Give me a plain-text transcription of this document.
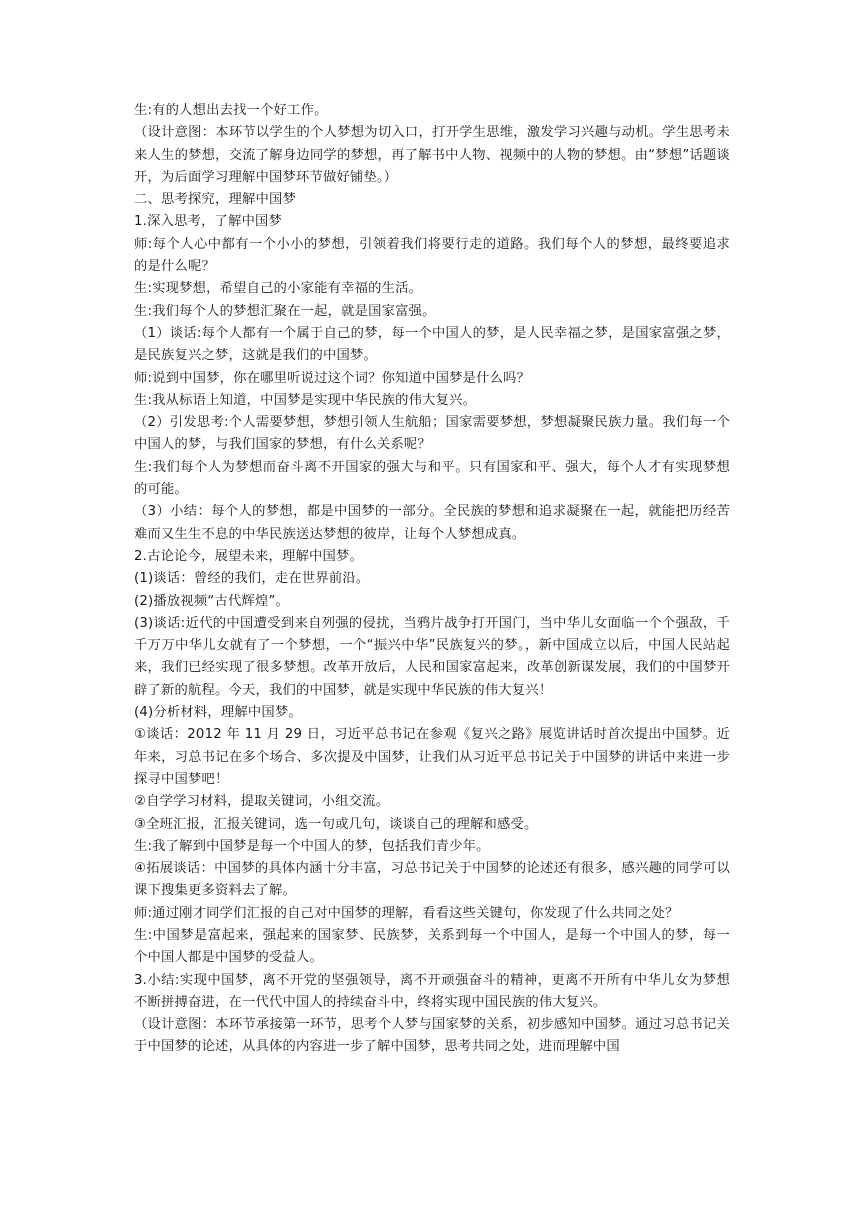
生:有的人想出去找一个好工作。

（设计意图：本环节以学生的个人梦想为切入口，打开学生思维，激发学习兴趣与动机。学生思考未来人生的梦想，交流了解身边同学的梦想，再了解书中人物、视频中的人物的梦想。由“梦想”话题谈开，为后面学习理解中国梦环节做好铺垫。）

二、思考探究，理解中国梦

1.深入思考，了解中国梦

师:每个人心中都有一个小小的梦想，引领着我们将要行走的道路。我们每个人的梦想，最终要追求的是什么呢？

生:实现梦想，希望自己的小家能有幸福的生活。

生:我们每个人的梦想汇聚在一起，就是国家富强。

（1）谈话:每个人都有一个属于自己的梦，每一个中国人的梦，是人民幸福之梦，是国家富强之梦，是民族复兴之梦，这就是我们的中国梦。

师:说到中国梦，你在哪里听说过这个词？你知道中国梦是什么吗？

生:我从标语上知道，中国梦是实现中华民族的伟大复兴。

（2）引发思考:个人需要梦想，梦想引领人生航船；国家需要梦想，梦想凝聚民族力量。我们每一个中国人的梦，与我们国家的梦想，有什么关系呢？

生:我们每个人为梦想而奋斗离不开国家的强大与和平。只有国家和平、强大，每个人才有实现梦想的可能。

（3）小结：每个人的梦想，都是中国梦的一部分。全民族的梦想和追求凝聚在一起，就能把历经苦难而又生生不息的中华民族送达梦想的彼岸，让每个人梦想成真。

2.古论论今，展望未来，理解中国梦。

(1)谈话：曾经的我们，走在世界前沿。

(2)播放视频“古代辉煌”。

(3)谈话:近代的中国遭受到来自列强的侵扰，当鸦片战争打开国门，当中华儿女面临一个个强敌，千千万万中华儿女就有了一个梦想，一个“振兴中华”民族复兴的梦。，新中国成立以后，中国人民站起来，我们已经实现了很多梦想。改革开放后，人民和国家富起来，改革创新谋发展，我们的中国梦开辟了新的航程。今天，我们的中国梦，就是实现中华民族的伟大复兴！

(4)分析材料，理解中国梦。

①谈话：2012 年 11 月 29 日，习近平总书记在参观《复兴之路》展览讲话时首次提出中国梦。近年来，习总书记在多个场合、多次提及中国梦，让我们从习近平总书记关于中国梦的讲话中来进一步探寻中国梦吧！

②自学学习材料，提取关键词，小组交流。

③全班汇报，汇报关键词，选一句或几句，谈谈自己的理解和感受。

生:我了解到中国梦是每一个中国人的梦，包括我们青少年。

④拓展谈话：中国梦的具体内涵十分丰富，习总书记关于中国梦的论述还有很多，感兴趣的同学可以课下搜集更多资料去了解。

师:通过刚才同学们汇报的自己对中国梦的理解，看看这些关键句，你发现了什么共同之处？

生:中国梦是富起来，强起来的国家梦、民族梦，关系到每一个中国人，是每一个中国人的梦，每一个中国人都是中国梦的受益人。

3.小结:实现中国梦，离不开党的坚强领导，离不开顽强奋斗的精神，更离不开所有中华儿女为梦想不断拼搏奋进，在一代代中国人的持续奋斗中，终将实现中国民族的伟大复兴。

（设计意图：本环节承接第一环节，思考个人梦与国家梦的关系，初步感知中国梦。通过习总书记关于中国梦的论述，从具体的内容进一步了解中国梦，思考共同之处，进而理解中国
